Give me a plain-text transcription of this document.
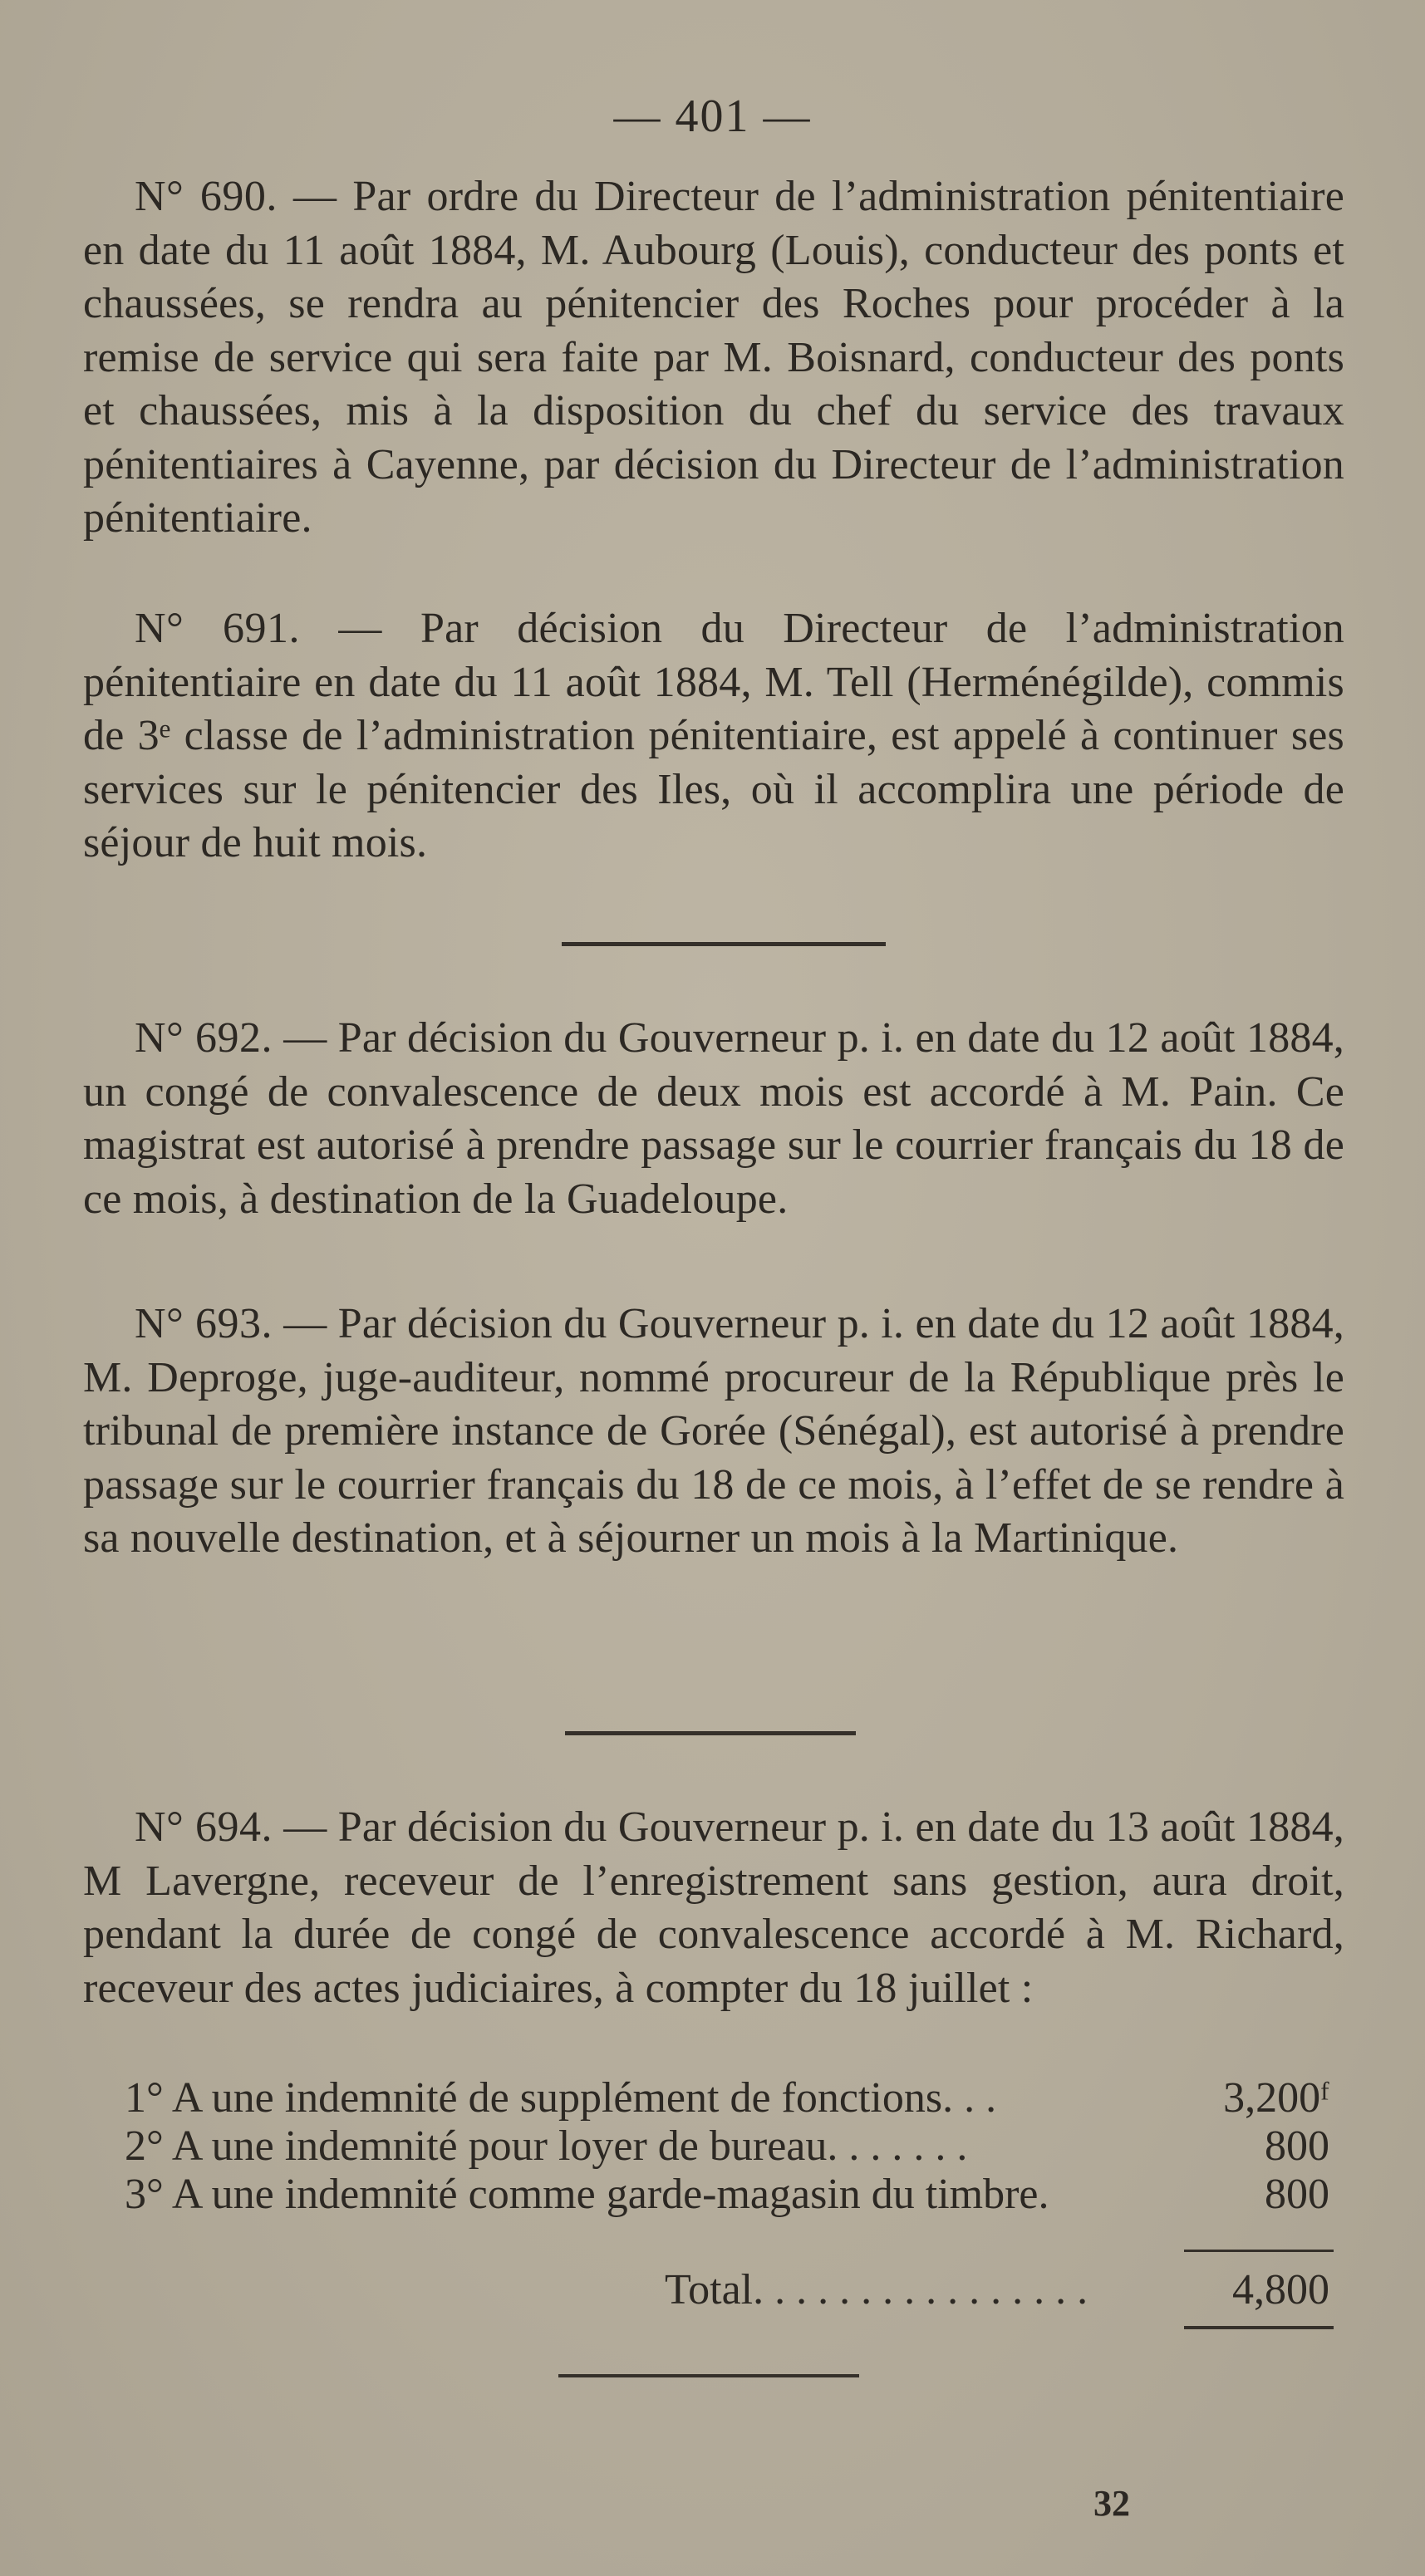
— 401 —

N° 690. — Par ordre du Directeur de l’administration pénitentiaire en date du 11 août 1884, M. Aubourg (Louis), conducteur des ponts et chaussées, se rendra au pénitencier des Roches pour procéder à la remise de service qui sera faite par M. Boisnard, conducteur des ponts et chaussées, mis à la disposition du chef du service des travaux pénitentiaires à Cayenne, par décision du Directeur de l’administration pénitentiaire.

N° 691. — Par décision du Directeur de l’administration pénitentiaire en date du 11 août 1884, M. Tell (Herménégilde), commis de 3ᵉ classe de l’administration pénitentiaire, est appelé à continuer ses services sur le pénitencier des Iles, où il accomplira une période de séjour de huit mois.

N° 692. — Par décision du Gouverneur p. i. en date du 12 août 1884, un congé de convalescence de deux mois est accordé à M. Pain. Ce magistrat est autorisé à prendre passage sur le courrier français du 18 de ce mois, à destination de la Guadeloupe.

N° 693. — Par décision du Gouverneur p. i. en date du 12 août 1884, M. Deproge, juge-auditeur, nommé procureur de la République près le tribunal de première instance de Gorée (Sénégal), est autorisé à prendre passage sur le courrier français du 18 de ce mois, à l’effet de se rendre à sa nouvelle destination, et à séjourner un mois à la Martinique.

N° 694. — Par décision du Gouverneur p. i. en date du 13 août 1884, M Lavergne, receveur de l’enregistrement sans gestion, aura droit, pendant la durée de congé de convalescence accordé à M. Richard, receveur des actes judiciaires, à compter du 18 juillet :

1° A une indemnité de supplément de fonctions. . .	3,200ᶠ
2° A une indemnité pour loyer de bureau. . . . . . .	800
3° A une indemnité comme garde-magasin du timbre.	800
Total. . . . . . . . . . . . . . . .	4,800
32
